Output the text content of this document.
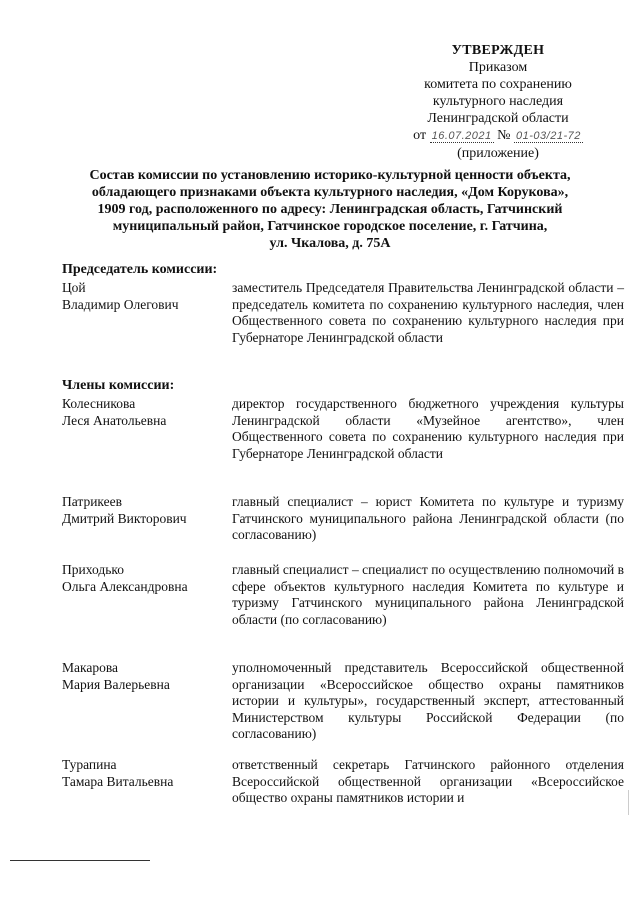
УТВЕРЖДЕН
Приказом
комитета по сохранению
культурного наследия
Ленинградской области
от 16.07.2021 № 01-03/21-72
(приложение)
Состав комиссии по установлению историко-культурной ценности объекта,
обладающего признаками объекта культурного наследия, «Дом Корукова»,
1909 год, расположенного по адресу: Ленинградская область, Гатчинский
муниципальный район, Гатчинское городское поселение, г. Гатчина,
ул. Чкалова, д. 75А
Председатель комиссии:
Цой
Владимир Олегович
заместитель Председателя Правительства Ленинградской области – председатель комитета по сохранению культурного наследия, член Общественного совета по сохранению культурного наследия при Губернаторе Ленинградской области
Члены комиссии:
Колесникова
Леся Анатольевна
директор государственного бюджетного учреждения культуры Ленинградской области «Музейное агентство», член Общественного совета по сохранению культурного наследия при Губернаторе Ленинградской области
Патрикеев
Дмитрий Викторович
главный специалист – юрист Комитета по культуре и туризму Гатчинского муниципального района Ленинградской области (по согласованию)
Приходько
Ольга Александровна
главный специалист – специалист по осуществлению полномочий в сфере объектов культурного наследия Комитета по культуре и туризму Гатчинского муниципального района Ленинградской области (по согласованию)
Макарова
Мария Валерьевна
уполномоченный представитель Всероссийской общественной организации «Всероссийское общество охраны памятников истории и культуры», государственный эксперт, аттестованный Министерством культуры Российской Федерации (по согласованию)
Турапина
Тамара Витальевна
ответственный секретарь Гатчинского районного отделения Всероссийской общественной организации «Всероссийское общество охраны памятников истории и
